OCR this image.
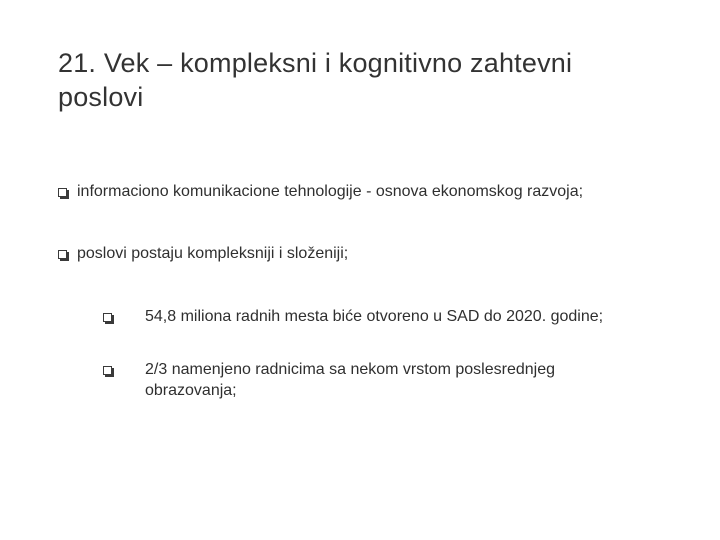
21. Vek – kompleksni i kognitivno zahtevni poslovi
informaciono komunikacione tehnologije - osnova ekonomskog razvoja;
poslovi postaju kompleksniji i složeniji;
54,8 miliona radnih mesta biće otvoreno u SAD do 2020. godine;
2/3 namenjeno radnicima sa nekom vrstom poslesrednjeg obrazovanja;
